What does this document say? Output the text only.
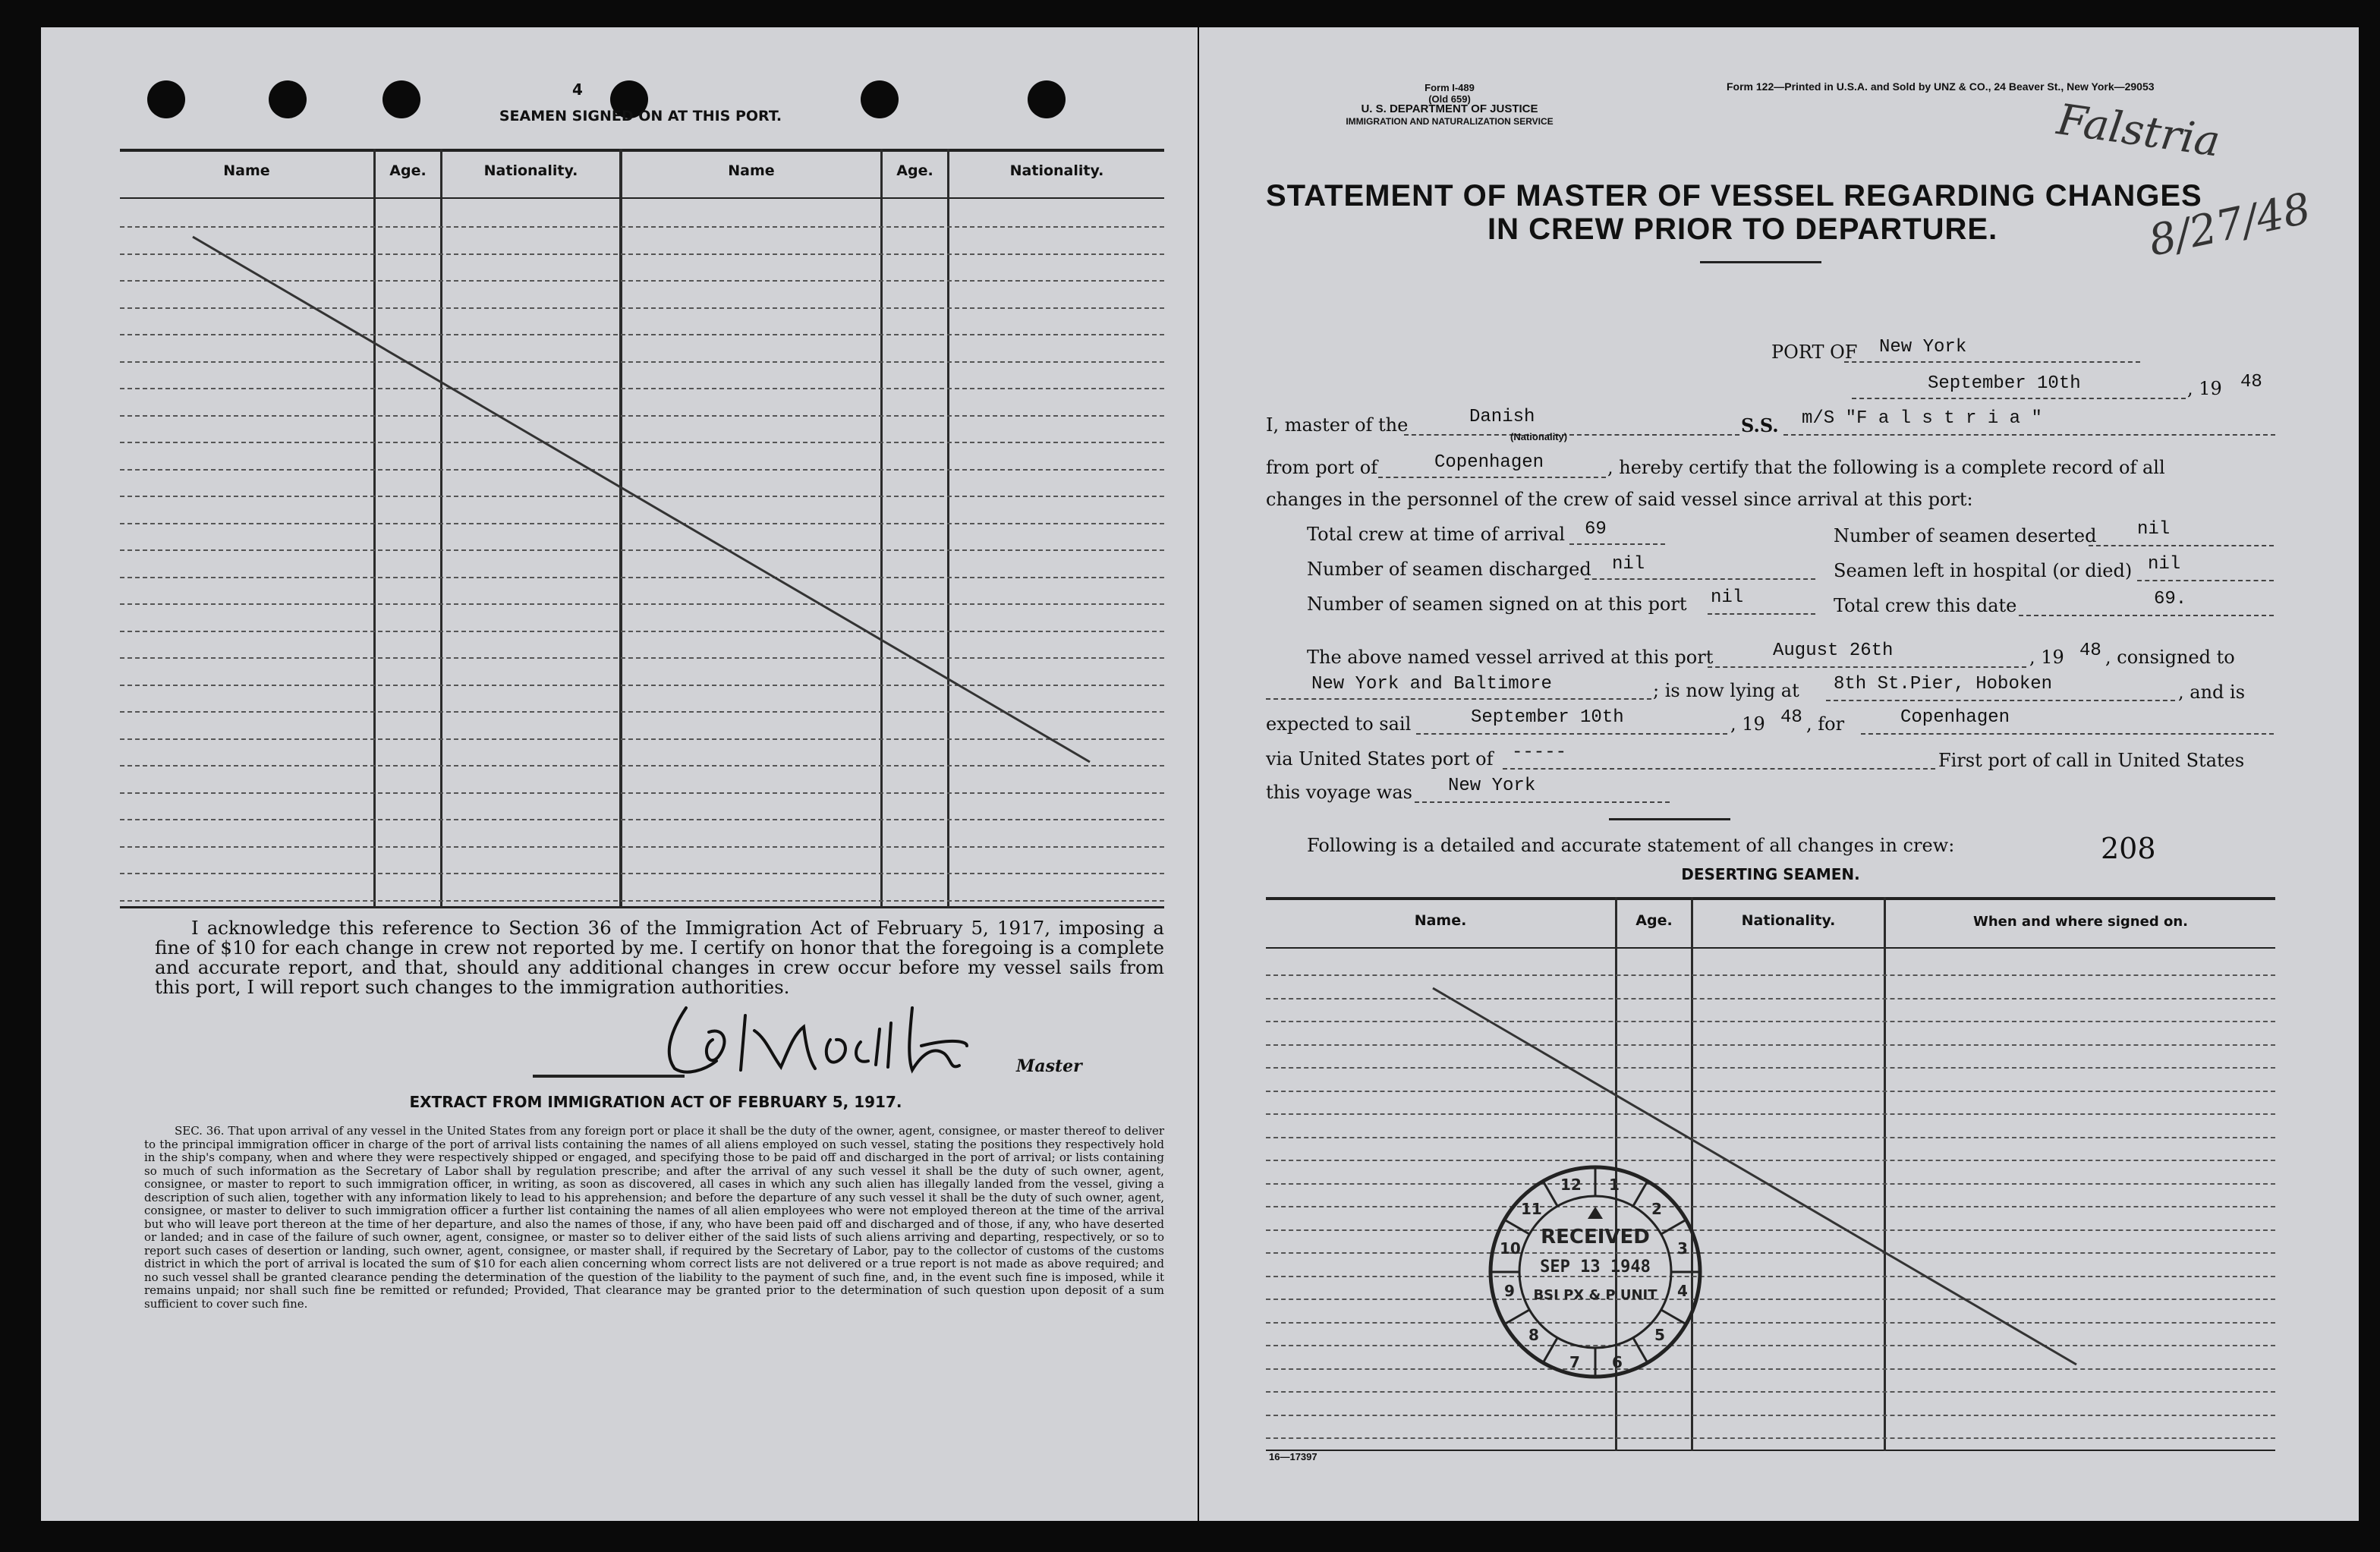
4
SEAMEN SIGNED ON AT THIS PORT.
Name	Age.	Nationality.	Name	Age.	Nationality.
I acknowledge this reference to Section 36 of the Immigration Act of February 5, 1917, imposing a fine of $10 for each change in crew not reported by me. I certify on honor that the foregoing is a complete and accurate report, and that, should any additional changes in crew occur before my vessel sails from this port, I will report such changes to the immigration authorities.
Master
EXTRACT FROM IMMIGRATION ACT OF FEBRUARY 5, 1917.
SEC. 36. That upon arrival of any vessel in the United States from any foreign port or place it shall be the duty of the owner, agent, consignee, or master thereof to deliver to the principal immigration officer in charge of the port of arrival lists containing the names of all aliens employed on such vessel, stating the positions they respectively hold in the ship's company, when and where they were respectively shipped or engaged, and specifying those to be paid off and discharged in the port of arrival; or lists containing so much of such information as the Secretary of Labor shall by regulation prescribe; and after the arrival of any such vessel it shall be the duty of such owner, agent, consignee, or master to report to such immigration officer, in writing, as soon as discovered, all cases in which any such alien has illegally landed from the vessel, giving a description of such alien, together with any information likely to lead to his apprehension; and before the departure of any such vessel it shall be the duty of such owner, agent, consignee, or master to deliver to such immigration officer a further list containing the names of all alien employees who were not employed thereon at the time of the arrival but who will leave port thereon at the time of her departure, and also the names of those, if any, who have been paid off and discharged and of those, if any, who have deserted or landed; and in case of the failure of such owner, agent, consignee, or master so to deliver either of the said lists of such aliens arriving and departing, respectively, or so to report such cases of desertion or landing, such owner, agent, consignee, or master shall, if required by the Secretary of Labor, pay to the collector of customs of the customs district in which the port of arrival is located the sum of $10 for each alien concerning whom correct lists are not delivered or a true report is not made as above required; and no such vessel shall be granted clearance pending the determination of the question of the liability to the payment of such fine, and, in the event such fine is imposed, while it remains unpaid; nor shall such fine be remitted or refunded; Provided, That clearance may be granted prior to the determination of such question upon deposit of a sum sufficient to cover such fine.
Form I-489
(Old 659)
U. S. DEPARTMENT OF JUSTICE
IMMIGRATION AND NATURALIZATION SERVICE
Form 122—Printed in U.S.A. and Sold by UNZ & CO., 24 Beaver St., New York—29053
Falstria
8/27/48
STATEMENT OF MASTER OF VESSEL REGARDING CHANGES
IN CREW PRIOR TO DEPARTURE.
PORT OF New York
September 10th	, 19 48
I, master of the	Danish
(Nationality)
S.S. m/S "F a l s t r i a "
from port of	Copenhagen	, hereby certify that the following is a complete record of all
changes in the personnel of the crew of said vessel since arrival at this port:
Total crew at time of arrival 69	Number of seamen deserted nil
Number of seamen discharged nil	Seamen left in hospital (or died) nil
Number of seamen signed on at this port nil	Total crew this date	69.
The above named vessel arrived at this port	August 26th	, 19 48 , consigned to
New York and Baltimore	; is now lying at 8th St.Pier, Hoboken	, and is
expected to sail	September 10th	, 19 48 , for	Copenhagen
via United States port of -----	First port of call in United States
this voyage was New York
Following is a detailed and accurate statement of all changes in crew:	208
DESERTING SEAMEN.
Name.	Age.	Nationality.	When and where signed on.
1
2
3
4
5
6
7
8
9
10
11
12
RECEIVED
SEP 13 1948
BSI PX & P UNIT
16—17397
